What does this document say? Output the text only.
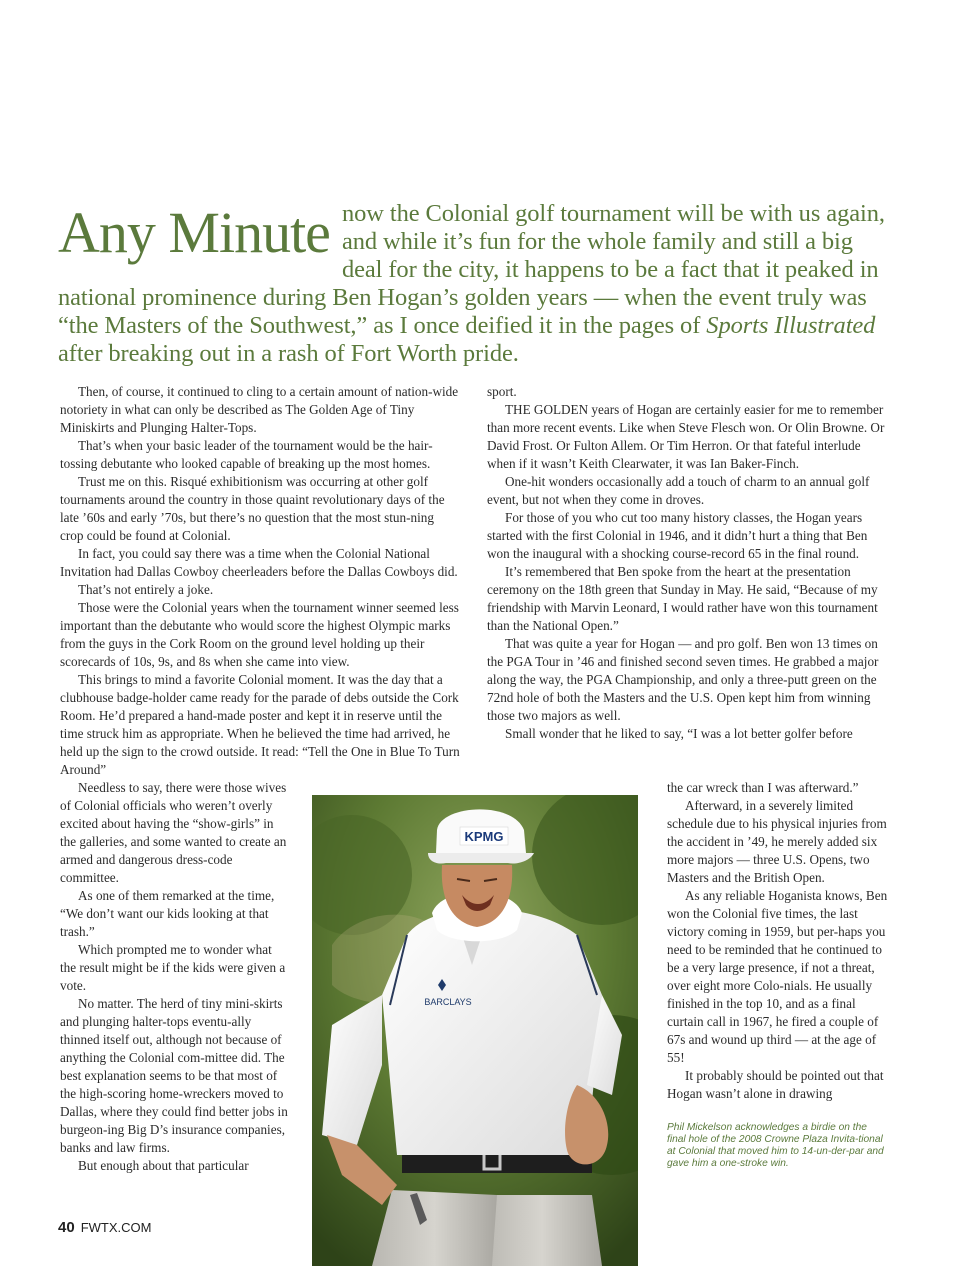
Any Minute now the Colonial golf tournament will be with us again, and while it’s fun for the whole family and still a big deal for the city, it happens to be a fact that it peaked in national prominence during Ben Hogan’s golden years — when the event truly was “the Masters of the Southwest,” as I once deified it in the pages of Sports Illustrated after breaking out in a rash of Fort Worth pride.

Then, of course, it continued to cling to a certain amount of nation-wide notoriety in what can only be described as The Golden Age of Tiny Miniskirts and Plunging Halter-Tops.

That’s when your basic leader of the tournament would be the hair-tossing debutante who looked capable of breaking up the most homes.

Trust me on this. Risqué exhibitionism was occurring at other golf tournaments around the country in those quaint revolutionary days of the late ’60s and early ’70s, but there’s no question that the most stun-ning crop could be found at Colonial.

In fact, you could say there was a time when the Colonial National Invitation had Dallas Cowboy cheerleaders before the Dallas Cowboys did.

That’s not entirely a joke.

Those were the Colonial years when the tournament winner seemed less important than the debutante who would score the highest Olympic marks from the guys in the Cork Room on the ground level holding up their scorecards of 10s, 9s, and 8s when she came into view.

This brings to mind a favorite Colonial moment. It was the day that a clubhouse badge-holder came ready for the parade of debs outside the Cork Room. He’d prepared a hand-made poster and kept it in reserve until the time struck him as appropriate. When he believed the time had arrived, he held up the sign to the crowd outside. It read: “Tell the One in Blue To Turn Around”

Needless to say, there were those wives of Colonial officials who weren’t overly excited about having the “show-girls” in the galleries, and some wanted to create an armed and dangerous dress-code committee.

As one of them remarked at the time, “We don’t want our kids looking at that trash.”

Which prompted me to wonder what the result might be if the kids were given a vote.

No matter. The herd of tiny mini-skirts and plunging halter-tops eventu-ally thinned itself out, although not because of anything the Colonial com-mittee did. The best explanation seems to be that most of the high-scoring home-wreckers moved to Dallas, where they could find better jobs in burgeon-ing Big D’s insurance companies, banks and law firms.

But enough about that particular

sport.

THE GOLDEN years of Hogan are certainly easier for me to remember than more recent events. Like when Steve Flesch won. Or Olin Browne. Or David Frost. Or Fulton Allem. Or Tim Herron. Or that fateful interlude when if it wasn’t Keith Clearwater, it was Ian Baker-Finch.

One-hit wonders occasionally add a touch of charm to an annual golf event, but not when they come in droves.

For those of you who cut too many history classes, the Hogan years started with the first Colonial in 1946, and it didn’t hurt a thing that Ben won the inaugural with a shocking course-record 65 in the final round.

It’s remembered that Ben spoke from the heart at the presentation ceremony on the 18th green that Sunday in May. He said, “Because of my friendship with Marvin Leonard, I would rather have won this tournament than the National Open.”

That was quite a year for Hogan — and pro golf. Ben won 13 times on the PGA Tour in ’46 and finished second seven times. He grabbed a major along the way, the PGA Championship, and only a three-putt green on the 72nd hole of both the Masters and the U.S. Open kept him from winning those two majors as well.

Small wonder that he liked to say, “I was a lot better golfer before

the car wreck than I was afterward.”

Afterward, in a severely limited schedule due to his physical injuries from the accident in ’49, he merely added six more majors — three U.S. Opens, two Masters and the British Open.

As any reliable Hoganista knows, Ben won the Colonial five times, the last victory coming in 1959, but per-haps you need to be reminded that he continued to be a very large presence, if not a threat, over eight more Colo-nials. He usually finished in the top 10, and as a final curtain call in 1967, he fired a couple of 67s and wound up third — at the age of 55!

It probably should be pointed out that Hogan wasn’t alone in drawing

KPMG
BARCLAYS
Phil Mickelson acknowledges a birdie on the final hole of the 2008 Crowne Plaza Invita-tional at Colonial that moved him to 14-un-der-par and gave him a one-stroke win.
40 FWTX.COM
